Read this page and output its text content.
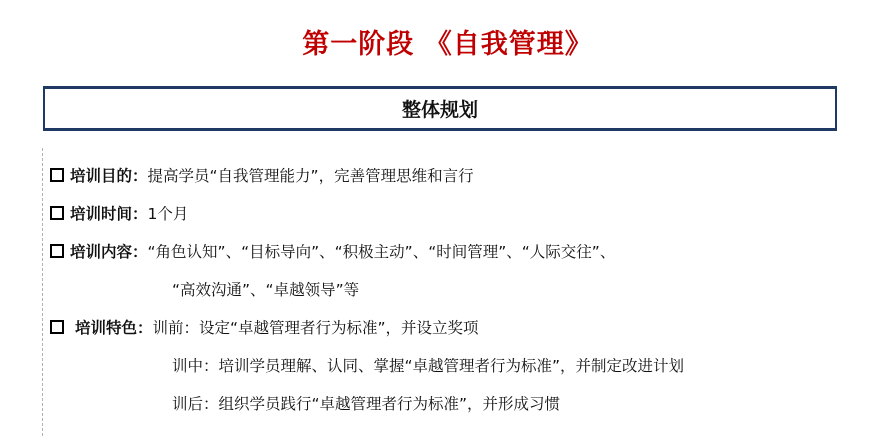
第一阶段 《自我管理》
整体规划
培训目的：提高学员“自我管理能力”，完善管理思维和言行
培训时间：1个月
培训内容：“角色认知”、“目标导向”、“积极主动”、“时间管理”、“人际交往”、
“高效沟通”、“卓越领导”等
培训特色：训前：设定“卓越管理者行为标准”，并设立奖项
训中：培训学员理解、认同、掌握“卓越管理者行为标准”，并制定改进计划
训后：组织学员践行“卓越管理者行为标准”，并形成习惯
